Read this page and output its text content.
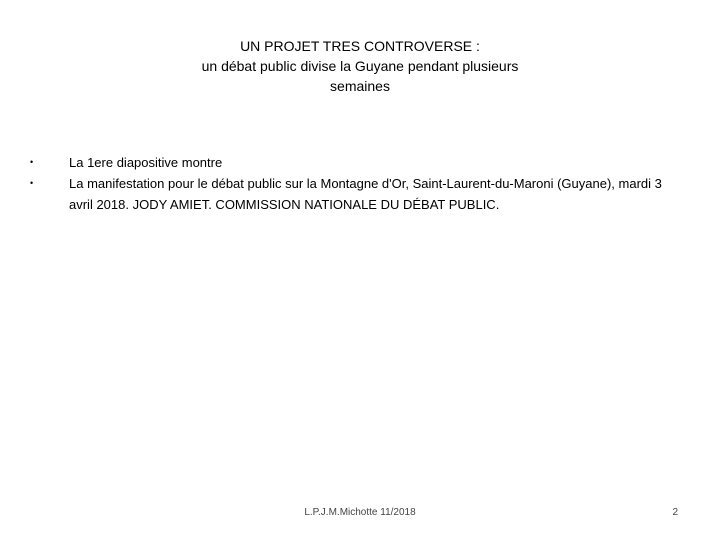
UN PROJET TRES CONTROVERSE :
un débat public divise la Guyane pendant plusieurs
semaines
•	La 1ere diapositive montre
•	La manifestation pour le débat public sur la Montagne d'Or, Saint-Laurent-du-Maroni (Guyane), mardi 3 avril 2018. JODY AMIET. COMMISSION NATIONALE DU DÉBAT PUBLIC.
L.P.J.M.Michotte 11/2018	2
